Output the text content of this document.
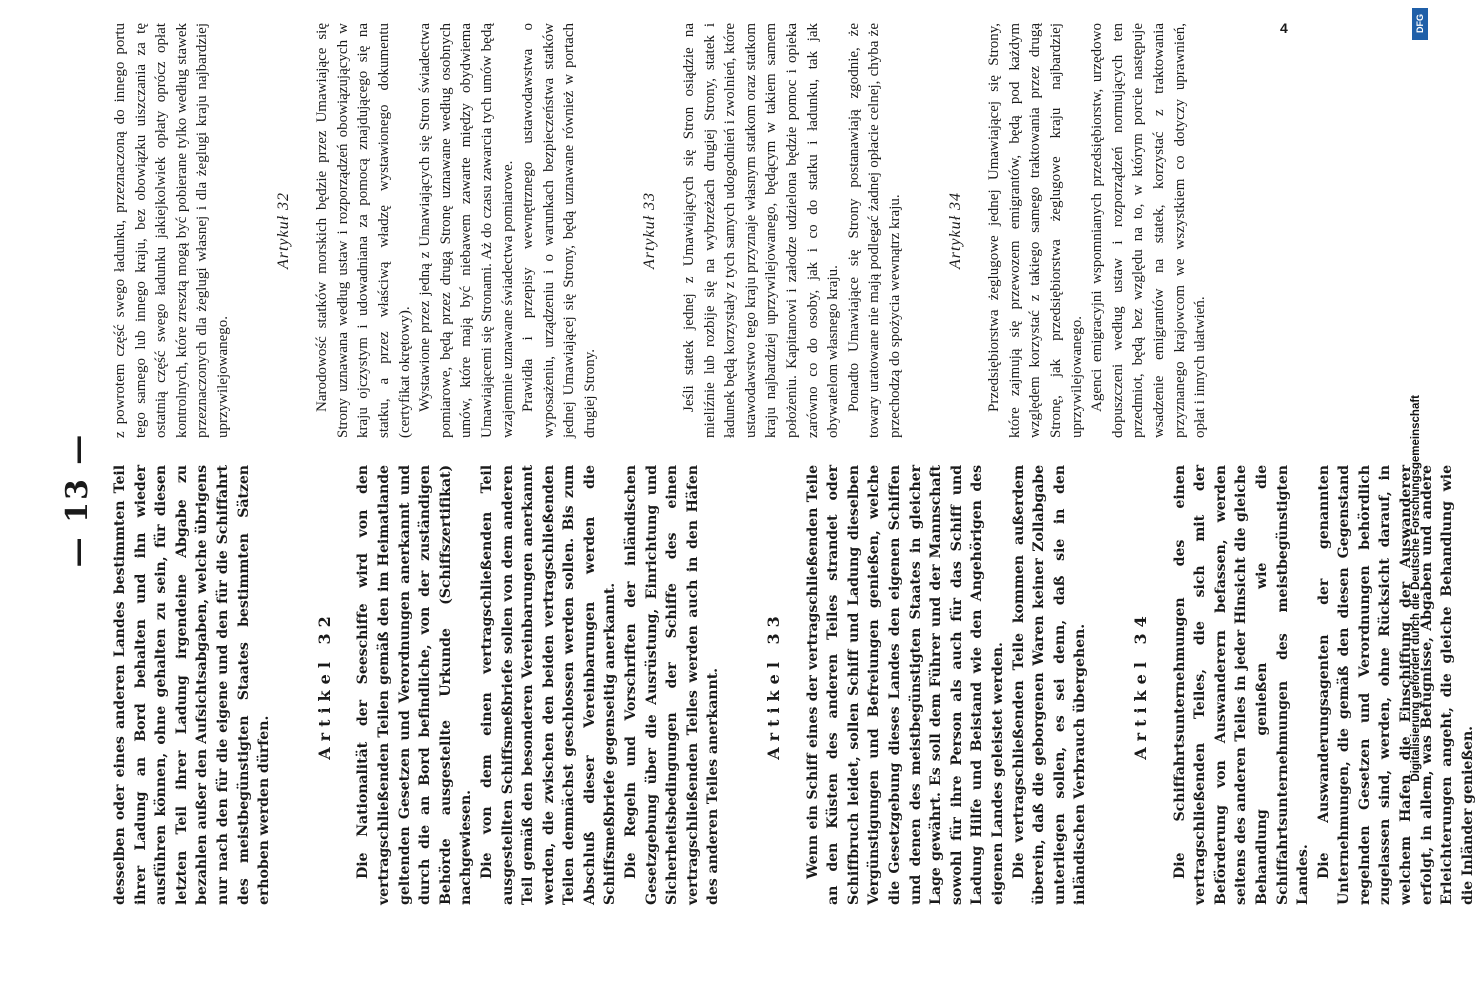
— 13 — desselben oder eines anderen Landes bestimmten Teil ihrer Ladung an Bord behalten und ihn wieder ausführen können, ohne gehalten zu sein, für diesen letzten Teil ihrer Ladung irgendeine Abgabe zu bezahlen außer den Aufsichtsabgaben, welche übrigens nur nach den für die eigene und den für die Schiffahrt des meistbegünstigten Staates bestimmten Sätzen erhoben werden dürfen.

Artikel 32 Die Nationalität der Seeschiffe wird von den vertragschließenden Teilen gemäß den im Heimatlande geltenden Gesetzen und Verordnungen anerkannt und durch die an Bord befindliche, von der zuständigen Behörde ausgestellte Urkunde (Schiffszertifikat) nachgewiesen. Die von dem einen vertragschließenden Teil ausgestellten Schiffsmeßbriefe sollen von dem anderen Teil gemäß den besonderen Vereinbarungen anerkannt werden, die zwischen den beiden vertragschließenden Teilen demnächst geschlossen werden sollen. Bis zum Abschluß dieser Vereinbarungen werden die Schiffsmeßbriefe gegenseitig anerkannt. Die Regeln und Vorschriften der inländischen Gesetzgebung über die Ausrüstung, Einrichtung und Sicherheitsbedingungen der Schiffe des einen vertragschließenden Teiles werden auch in den Häfen des anderen Teiles anerkannt.	Artikel 33 Wenn ein Schiff eines der vertragschließenden Teile an den Küsten des anderen Teiles strandet oder Schiffbruch leidet, sollen Schiff und Ladung dieselben Vergünstigungen und Befreiungen genießen, welche die Gesetzgebung dieses Landes den eigenen Schiffen und denen des meistbegünstigten Staates in gleicher Lage gewährt. Es soll dem Führer und der Mannschaft sowohl für ihre Person als auch für das Schiff und Ladung Hilfe und Beistand wie den Angehörigen des eigenen Landes geleistet werden. Die vertragschließenden Teile kommen außerdem überein, daß die geborgenen Waren keiner Zollabgabe unterliegen sollen, es sei denn, daß sie in den inländischen Verbrauch übergehen.	Artikel 34 Die Schiffahrtsunternehmungen des einen vertragschließenden Teiles, die sich mit der Beförderung von Auswanderern befassen, werden seitens des anderen Teiles in jeder Hinsicht die gleiche Behandlung genießen wie die Schiffahrtsunternehmungen des meistbegünstigten Landes. Die Auswanderungsagenten der genannten Unternehmungen, die gemäß den diesen Gegenstand regelnden Gesetzen und Verordnungen behördlich zugelassen sind, werden, ohne Rücksicht darauf, in welchem Hafen die Einschiffung der Auswanderer erfolgt, in allem, was Befugnisse, Abgaben und andere Erleichterungen angeht, die gleiche Behandlung wie die Inländer genießen.

z powrotem część swego ładunku, przeznaczoną do innego portu tego samego lub innego kraju, bez obowiązku uiszczania za tę ostatnią część swego ładunku jakiejkolwiek opłaty oprócz opłat kontrolnych, które zresztą mogą być pobierane tylko według stawek przeznaczonych dla żeglugi własnej i dla żeglugi kraju najbardziej uprzywilejowanego.

Artykuł 32 Narodowość statków morskich będzie przez Umawiające się Strony uznawana według ustaw i rozporządzeń obowiązujących w kraju ojczystym i udowadniana za pomocą znajdującego się na statku, a przez właściwą władzę wystawionego dokumentu (certyfikat okrętowy). Wystawione przez jedną z Umawiających się Stron świadectwa pomiarowe, będą przez drugą Stronę uznawane według osobnych umów, które mają być niebawem zawarte między obydwiema Umawiającemi się Stronami. Aż do czasu zawarcia tych umów będą wzajemnie uznawane świadectwa pomiarowe. Prawidła i przepisy wewnętrznego ustawodawstwa o wyposażeniu, urządzeniu i o warunkach bezpieczeństwa statków jednej Umawiającej się Strony, będą uznawane również w portach drugiej Strony.

Artykuł 33 Jeśli statek jednej z Umawiających się Stron osiądzie na mieliźnie lub rozbije się na wybrzeżach drugiej Strony, statek i ładunek będą korzystały z tych samych udogodnień i zwolnień, które ustawodawstwo tego kraju przyznaje własnym statkom oraz statkom kraju najbardziej uprzywilejowanego, będącym w takiem samem położeniu. Kapitanowi i załodze udzielona będzie pomoc i opieka zarówno co do osoby, jak i co do statku i ładunku, tak jak obywatelom własnego kraju. Ponadto Umawiające się Strony postanawiają zgodnie, że towary uratowane nie mają podlegać żadnej opłacie celnej, chyba że przechodzą do spożycia wewnątrz kraju.	Artykuł 34 Przedsiębiorstwa żeglugowe jednej Umawiającej się Strony, które zajmują się przewozem emigrantów, będą pod każdym względem korzystać z takiego samego traktowania przez drugą Stronę, jak przedsiębiorstwa żeglugowe kraju najbardziej uprzywilejowanego. Agenci emigracyjni wspomnianych przedsiębiorstw, urzędowo dopuszczeni według ustaw i rozporządzeń normujących ten przedmiot, będą bez względu na to, w którym porcie następuje wsadzenie emigrantów na statek, korzystać z traktowania przyznanego krajowcom we wszystkiem co dotyczy uprawnień, opłat i innych ułatwień.

4	DFG
Digitalisierung gefördert durch die Deutsche Forschungsgemeinschaft
